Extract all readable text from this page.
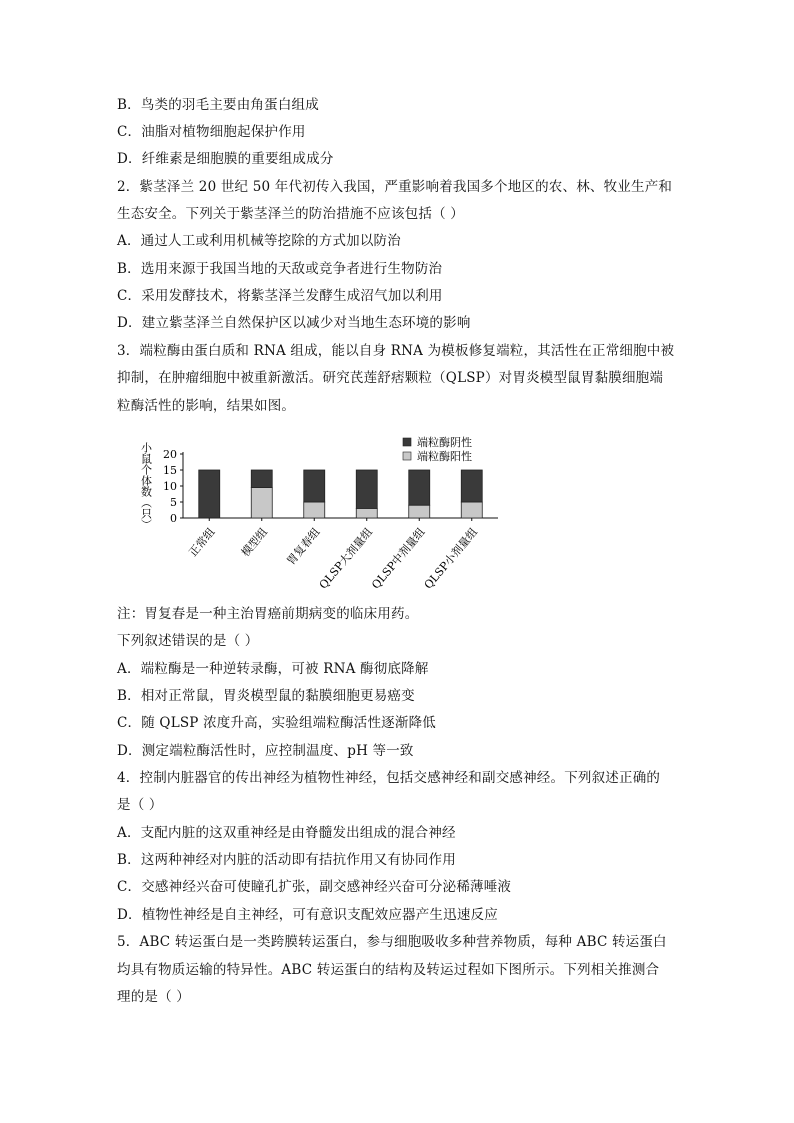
B．鸟类的羽毛主要由角蛋白组成
C．油脂对植物细胞起保护作用
D．纤维素是细胞膜的重要组成成分
2．紫茎泽兰 20 世纪 50 年代初传入我国，严重影响着我国多个地区的农、林、牧业生产和
生态安全。下列关于紫茎泽兰的防治措施不应该包括（ ）
A．通过人工或利用机械等挖除的方式加以防治
B．选用来源于我国当地的天敌或竞争者进行生物防治
C．采用发酵技术，将紫茎泽兰发酵生成沼气加以利用
D．建立紫茎泽兰自然保护区以减少对当地生态环境的影响
3．端粒酶由蛋白质和 RNA 组成，能以自身 RNA 为模板修复端粒，其活性在正常细胞中被
抑制，在肿瘤细胞中被重新激活。研究芪莲舒痞颗粒（QLSP）对胃炎模型鼠胃黏膜细胞端
粒酶活性的影响，结果如图。
小鼠个体数（只） 0
5
10
15
20
正常组 模型组 胃复春组
QLSP大剂量组
QLSP中剂量组
QLSP小剂量组
端粒酶阴性
端粒酶阳性
注：胃复春是一种主治胃癌前期病变的临床用药。
下列叙述错误的是（ ）
A．端粒酶是一种逆转录酶，可被 RNA 酶彻底降解
B．相对正常鼠，胃炎模型鼠的黏膜细胞更易癌变
C．随 QLSP 浓度升高，实验组端粒酶活性逐渐降低
D．测定端粒酶活性时，应控制温度、pH 等一致
4．控制内脏器官的传出神经为植物性神经，包括交感神经和副交感神经。下列叙述正确的
是（ ）
A．支配内脏的这双重神经是由脊髓发出组成的混合神经
B．这两种神经对内脏的活动即有拮抗作用又有协同作用
C．交感神经兴奋可使瞳孔扩张，副交感神经兴奋可分泌稀薄唾液
D．植物性神经是自主神经，可有意识支配效应器产生迅速反应
5．ABC 转运蛋白是一类跨膜转运蛋白，参与细胞吸收多种营养物质，每种 ABC 转运蛋白
均具有物质运输的特异性。ABC 转运蛋白的结构及转运过程如下图所示。下列相关推测合
理的是（ ）
